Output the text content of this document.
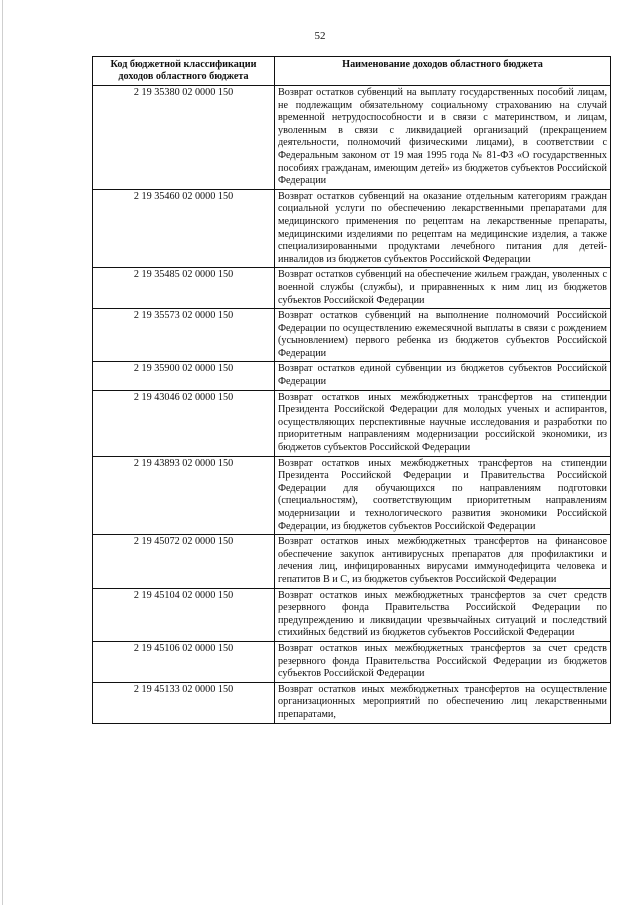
52
Код бюджетной классификации доходов областного бюджета	Наименование доходов областного бюджета
2 19 35380 02 0000 150	Возврат остатков субвенций на выплату государственных пособий лицам, не подлежащим обязательному социальному страхованию на случай временной нетрудоспособности и в связи с материнством, и лицам, уволенным в связи с ликвидацией организаций (прекращением деятельности, полномочий физическими лицами), в соответствии с Федеральным законом от 19 мая 1995 года № 81-ФЗ «О государственных пособиях гражданам, имеющим детей» из бюджетов субъектов Российской Федерации
2 19 35460 02 0000 150	Возврат остатков субвенций на оказание отдельным категориям граждан социальной услуги по обеспечению лекарственными препаратами для медицинского применения по рецептам на лекарственные препараты, медицинскими изделиями по рецептам на медицинские изделия, а также специализированными продуктами лечебного питания для детей-инвалидов из бюджетов субъектов Российской Федерации
2 19 35485 02 0000 150	Возврат остатков субвенций на обеспечение жильем граждан, уволенных с военной службы (службы), и приравненных к ним лиц из бюджетов субъектов Российской Федерации
2 19 35573 02 0000 150	Возврат остатков субвенций на выполнение полномочий Российской Федерации по осуществлению ежемесячной выплаты в связи с рождением (усыновлением) первого ребенка из бюджетов субъектов Российской Федерации
2 19 35900 02 0000 150	Возврат остатков единой субвенции из бюджетов субъектов Российской Федерации
2 19 43046 02 0000 150	Возврат остатков иных межбюджетных трансфертов на стипендии Президента Российской Федерации для молодых ученых и аспирантов, осуществляющих перспективные научные исследования и разработки по приоритетным направлениям модернизации российской экономики, из бюджетов субъектов Российской Федерации
2 19 43893 02 0000 150	Возврат остатков иных межбюджетных трансфертов на стипендии Президента Российской Федерации и Правительства Российской Федерации для обучающихся по направлениям подготовки (специальностям), соответствующим приоритетным направлениям модернизации и технологического развития экономики Российской Федерации, из бюджетов субъектов Российской Федерации
2 19 45072 02 0000 150	Возврат остатков иных межбюджетных трансфертов на финансовое обеспечение закупок антивирусных препаратов для профилактики и лечения лиц, инфицированных вирусами иммунодефицита человека и гепатитов В и С, из бюджетов субъектов Российской Федерации
2 19 45104 02 0000 150	Возврат остатков иных межбюджетных трансфертов за счет средств резервного фонда Правительства Российской Федерации по предупреждению и ликвидации чрезвычайных ситуаций и последствий стихийных бедствий из бюджетов субъектов Российской Федерации
2 19 45106 02 0000 150	Возврат остатков иных межбюджетных трансфертов за счет средств резервного фонда Правительства Российской Федерации из бюджетов субъектов Российской Федерации
2 19 45133 02 0000 150	Возврат остатков иных межбюджетных трансфертов на осуществление организационных мероприятий по обеспечению лиц лекарственными препаратами,
